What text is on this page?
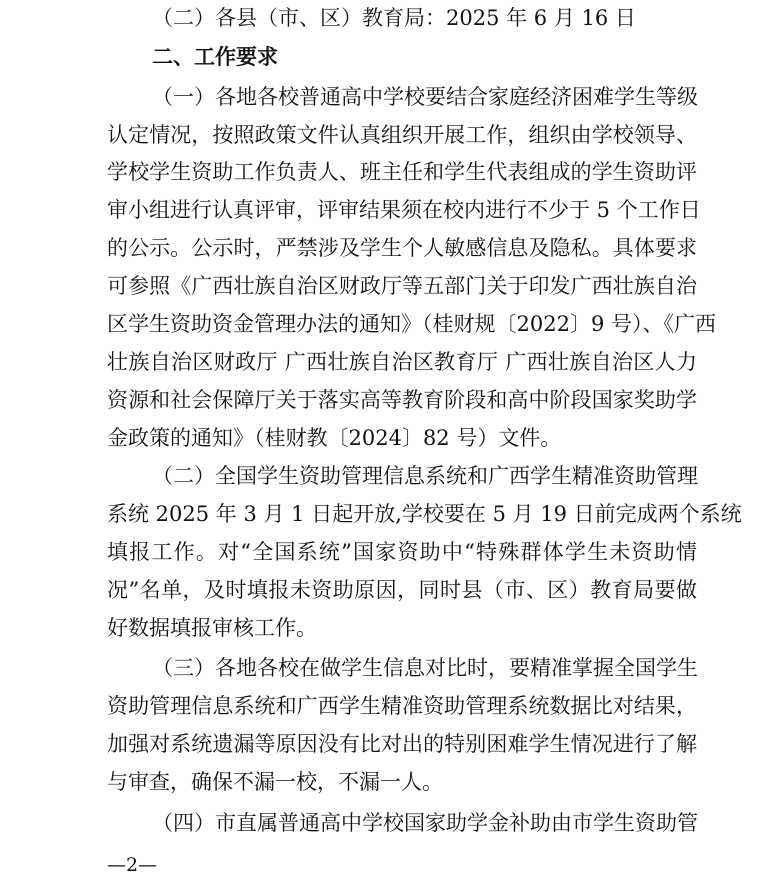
（二）各县（市、区）教育局：2025 年 6 月 16 日
二、工作要求
（一）各地各校普通高中学校要结合家庭经济困难学生等级
认定情况，按照政策文件认真组织开展工作，组织由学校领导、
学校学生资助工作负责人、班主任和学生代表组成的学生资助评
审小组进行认真评审，评审结果须在校内进行不少于 5 个工作日
的公示。公示时，严禁涉及学生个人敏感信息及隐私。具体要求
可参照《广西壮族自治区财政厅等五部门关于印发广西壮族自治
区学生资助资金管理办法的通知》（桂财规〔2022〕9 号）、《广西
壮族自治区财政厅 广西壮族自治区教育厅 广西壮族自治区人力
资源和社会保障厅关于落实高等教育阶段和高中阶段国家奖助学
金政策的通知》（桂财教〔2024〕82 号）文件。
（二）全国学生资助管理信息系统和广西学生精准资助管理
系统 2025 年 3 月 1 日起开放,学校要在 5 月 19 日前完成两个系统
填报工作。对“全国系统”国家资助中“特殊群体学生未资助情
况”名单，及时填报未资助原因，同时县（市、区）教育局要做
好数据填报审核工作。
（三）各地各校在做学生信息对比时，要精准掌握全国学生
资助管理信息系统和广西学生精准资助管理系统数据比对结果，
加强对系统遗漏等原因没有比对出的特别困难学生情况进行了解
与审查，确保不漏一校，不漏一人。
（四）市直属普通高中学校国家助学金补助由市学生资助管
—2—
